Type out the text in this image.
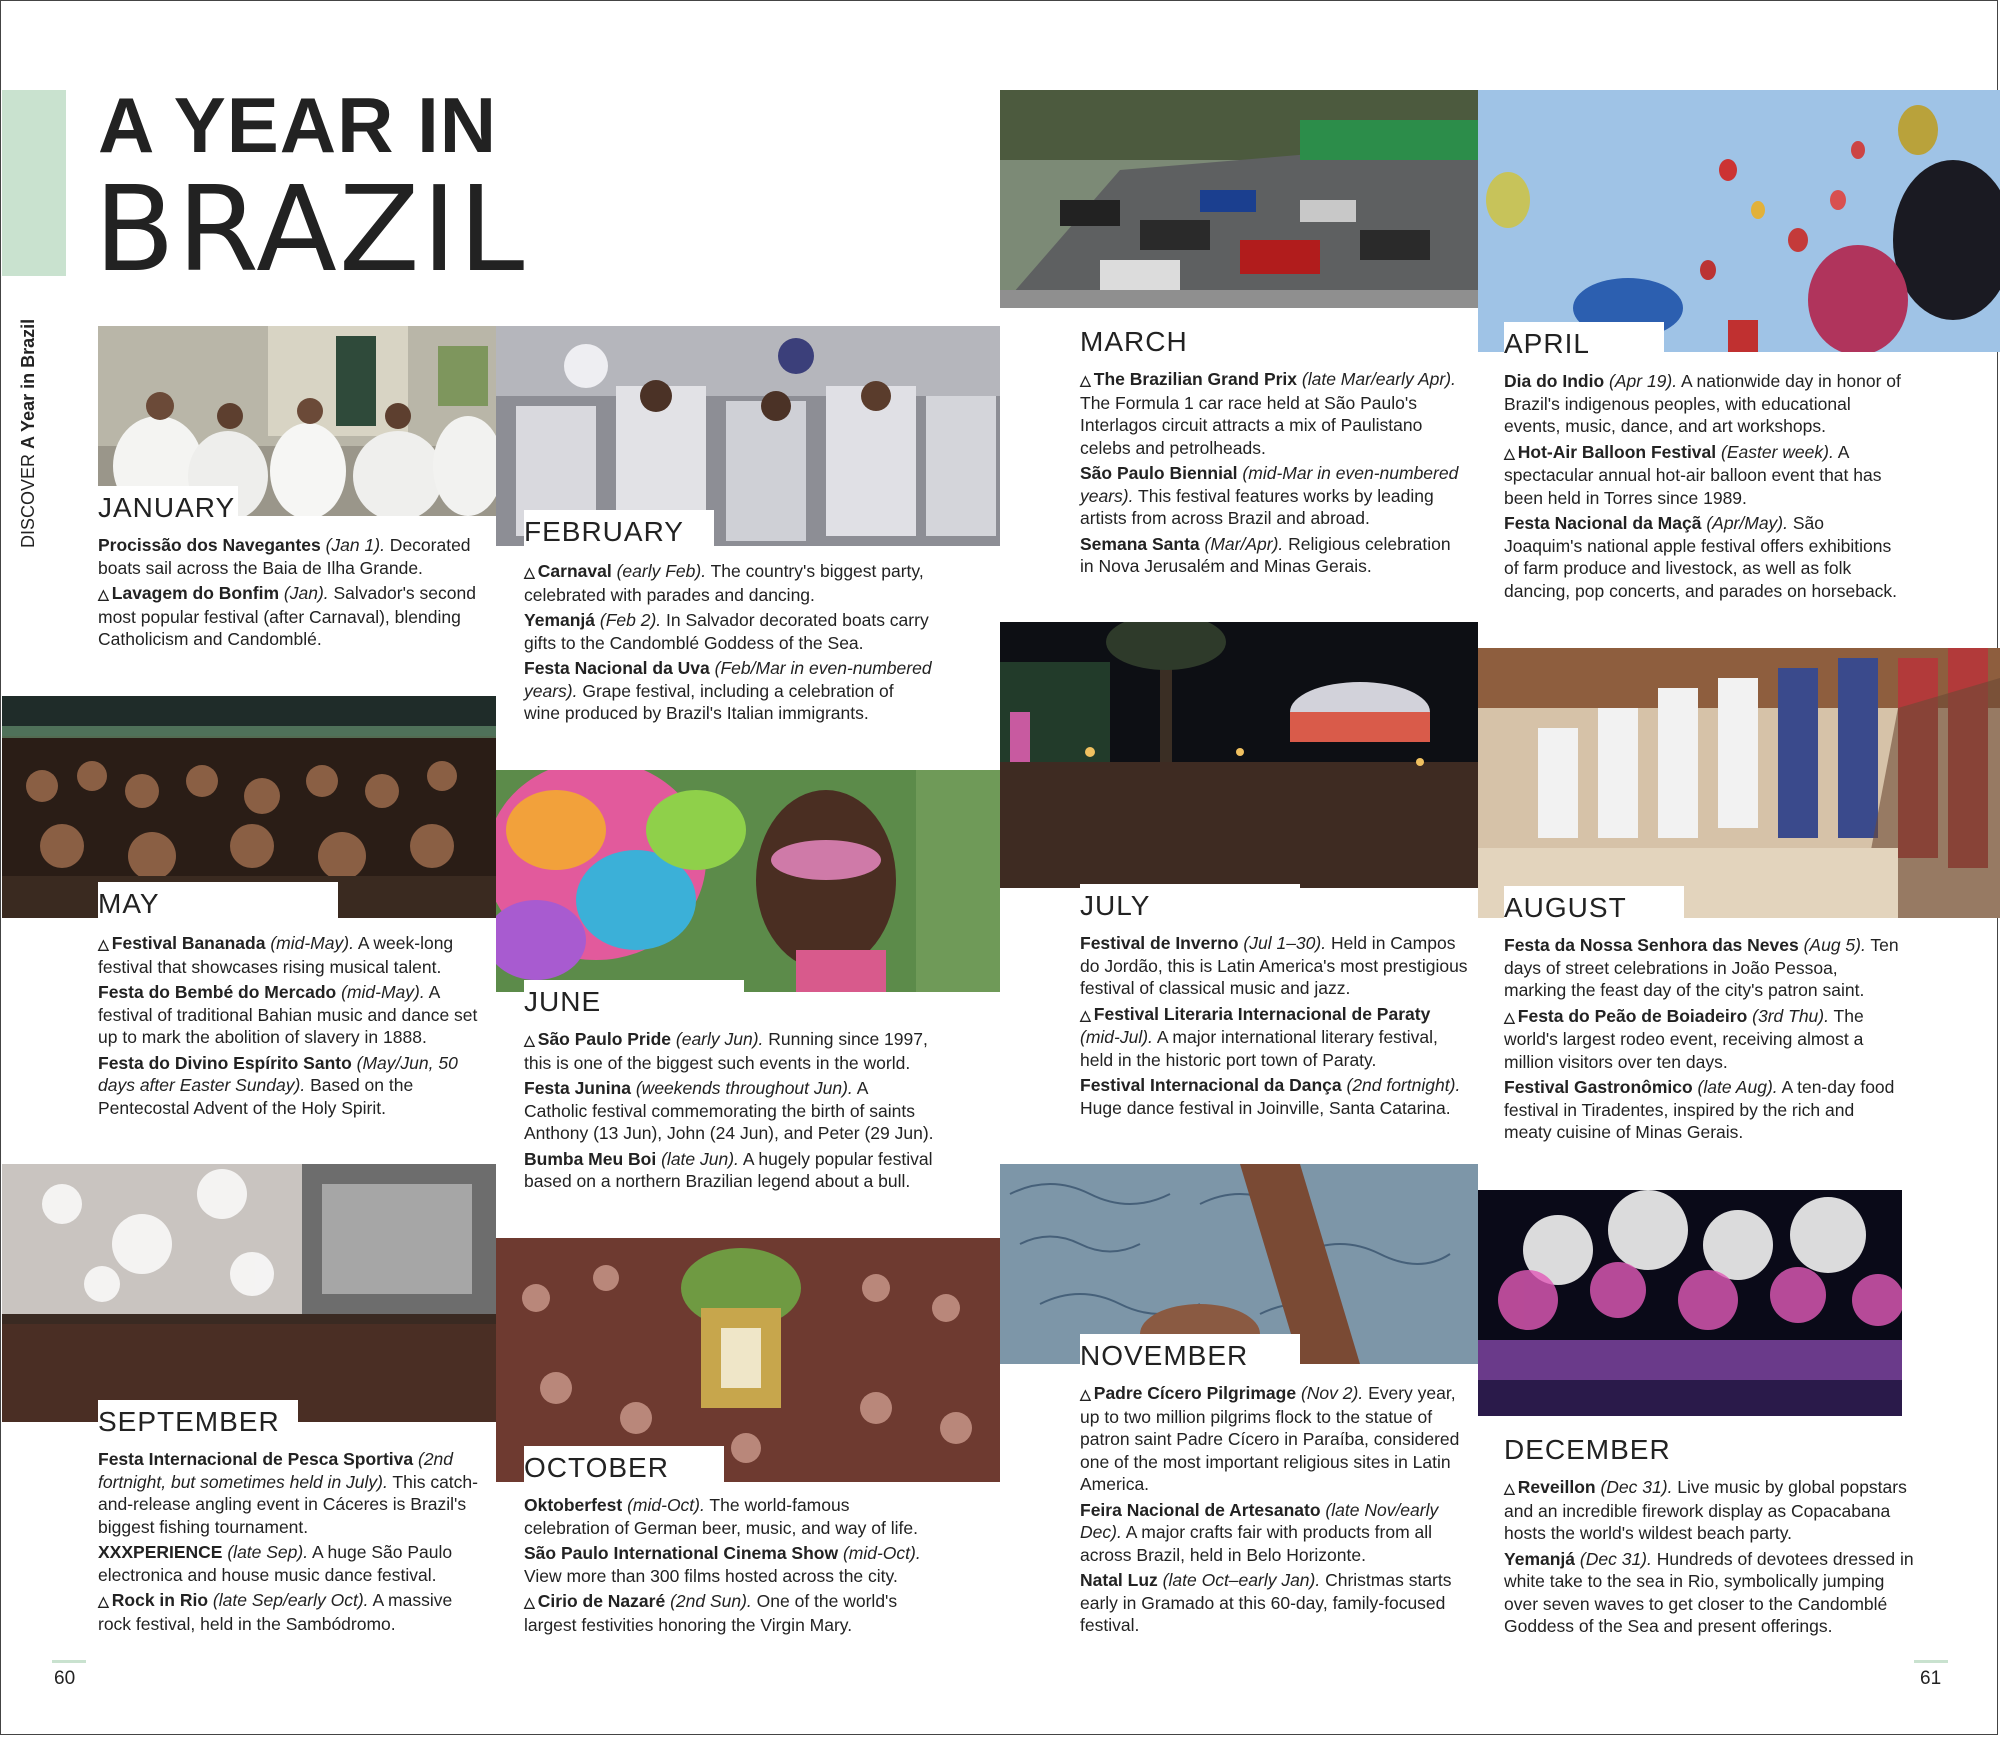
A YEAR IN
BRAZIL
DISCOVER A Year in Brazil
JANUARY

Procissão dos Navegantes (Jan 1). Decorated boats sail across the Baia de Ilha Grande.

△ Lavagem do Bonfim (Jan). Salvador's second most popular festival (after Carnaval), blending Catholicism and Candomblé.

FEBRUARY

△ Carnaval (early Feb). The country's biggest party, celebrated with parades and dancing.

Yemanjá (Feb 2). In Salvador decorated boats carry gifts to the Candomblé Goddess of the Sea.

Festa Nacional da Uva (Feb/Mar in even-numbered years). Grape festival, including a celebration of wine produced by Brazil's Italian immigrants.

MARCH

△ The Brazilian Grand Prix (late Mar/early Apr). The Formula 1 car race held at São Paulo's Interlagos circuit attracts a mix of Paulistano celebs and petrolheads.

São Paulo Biennial (mid-Mar in even-numbered years). This festival features works by leading artists from across Brazil and abroad.

Semana Santa (Mar/Apr). Religious celebration in Nova Jerusalém and Minas Gerais.

APRIL

Dia do Indio (Apr 19). A nationwide day in honor of Brazil's indigenous peoples, with educational events, music, dance, and art workshops.

△ Hot-Air Balloon Festival (Easter week). A spectacular annual hot-air balloon event that has been held in Torres since 1989.

Festa Nacional da Maçã (Apr/May). São Joaquim's national apple festival offers exhibitions of farm produce and livestock, as well as folk dancing, pop concerts, and parades on horseback.

MAY

△ Festival Bananada (mid-May). A week-long festival that showcases rising musical talent.

Festa do Bembé do Mercado (mid-May). A festival of traditional Bahian music and dance set up to mark the abolition of slavery in 1888.

Festa do Divino Espírito Santo (May/Jun, 50 days after Easter Sunday). Based on the Pentecostal Advent of the Holy Spirit.

JUNE

△ São Paulo Pride (early Jun). Running since 1997, this is one of the biggest such events in the world.

Festa Junina (weekends throughout Jun). A Catholic festival commemorating the birth of saints Anthony (13 Jun), John (24 Jun), and Peter (29 Jun).

Bumba Meu Boi (late Jun). A hugely popular festival based on a northern Brazilian legend about a bull.

JULY

Festival de Inverno (Jul 1–30). Held in Campos do Jordão, this is Latin America's most prestigious festival of classical music and jazz.

△ Festival Literaria Internacional de Paraty (mid-Jul). A major international literary festival, held in the historic port town of Paraty.

Festival Internacional da Dança (2nd fortnight). Huge dance festival in Joinville, Santa Catarina.

AUGUST

Festa da Nossa Senhora das Neves (Aug 5). Ten days of street celebrations in João Pessoa, marking the feast day of the city's patron saint.

△ Festa do Peão de Boiadeiro (3rd Thu). The world's largest rodeo event, receiving almost a million visitors over ten days.

Festival Gastronômico (late Aug). A ten-day food festival in Tiradentes, inspired by the rich and meaty cuisine of Minas Gerais.

SEPTEMBER

Festa Internacional de Pesca Sportiva (2nd fortnight, but sometimes held in July). This catch-and-release angling event in Cáceres is Brazil's biggest fishing tournament.

XXXPERIENCE (late Sep). A huge São Paulo electronica and house music dance festival.

△ Rock in Rio (late Sep/early Oct). A massive rock festival, held in the Sambódromo.

OCTOBER

Oktoberfest (mid-Oct). The world-famous celebration of German beer, music, and way of life.

São Paulo International Cinema Show (mid-Oct). View more than 300 films hosted across the city.

△ Cirio de Nazaré (2nd Sun). One of the world's largest festivities honoring the Virgin Mary.

NOVEMBER

△ Padre Cícero Pilgrimage (Nov 2). Every year, up to two million pilgrims flock to the statue of patron saint Padre Cícero in Paraíba, considered one of the most important religious sites in Latin America.

Feira Nacional de Artesanato (late Nov/early Dec). A major crafts fair with products from all across Brazil, held in Belo Horizonte.

Natal Luz (late Oct–early Jan). Christmas starts early in Gramado at this 60-day, family-focused festival.

DECEMBER

△ Reveillon (Dec 31). Live music by global popstars and an incredible firework display as Copacabana hosts the world's wildest beach party.

Yemanjá (Dec 31). Hundreds of devotees dressed in white take to the sea in Rio, symbolically jumping over seven waves to get closer to the Candomblé Goddess of the Sea and present offerings.

60	61
